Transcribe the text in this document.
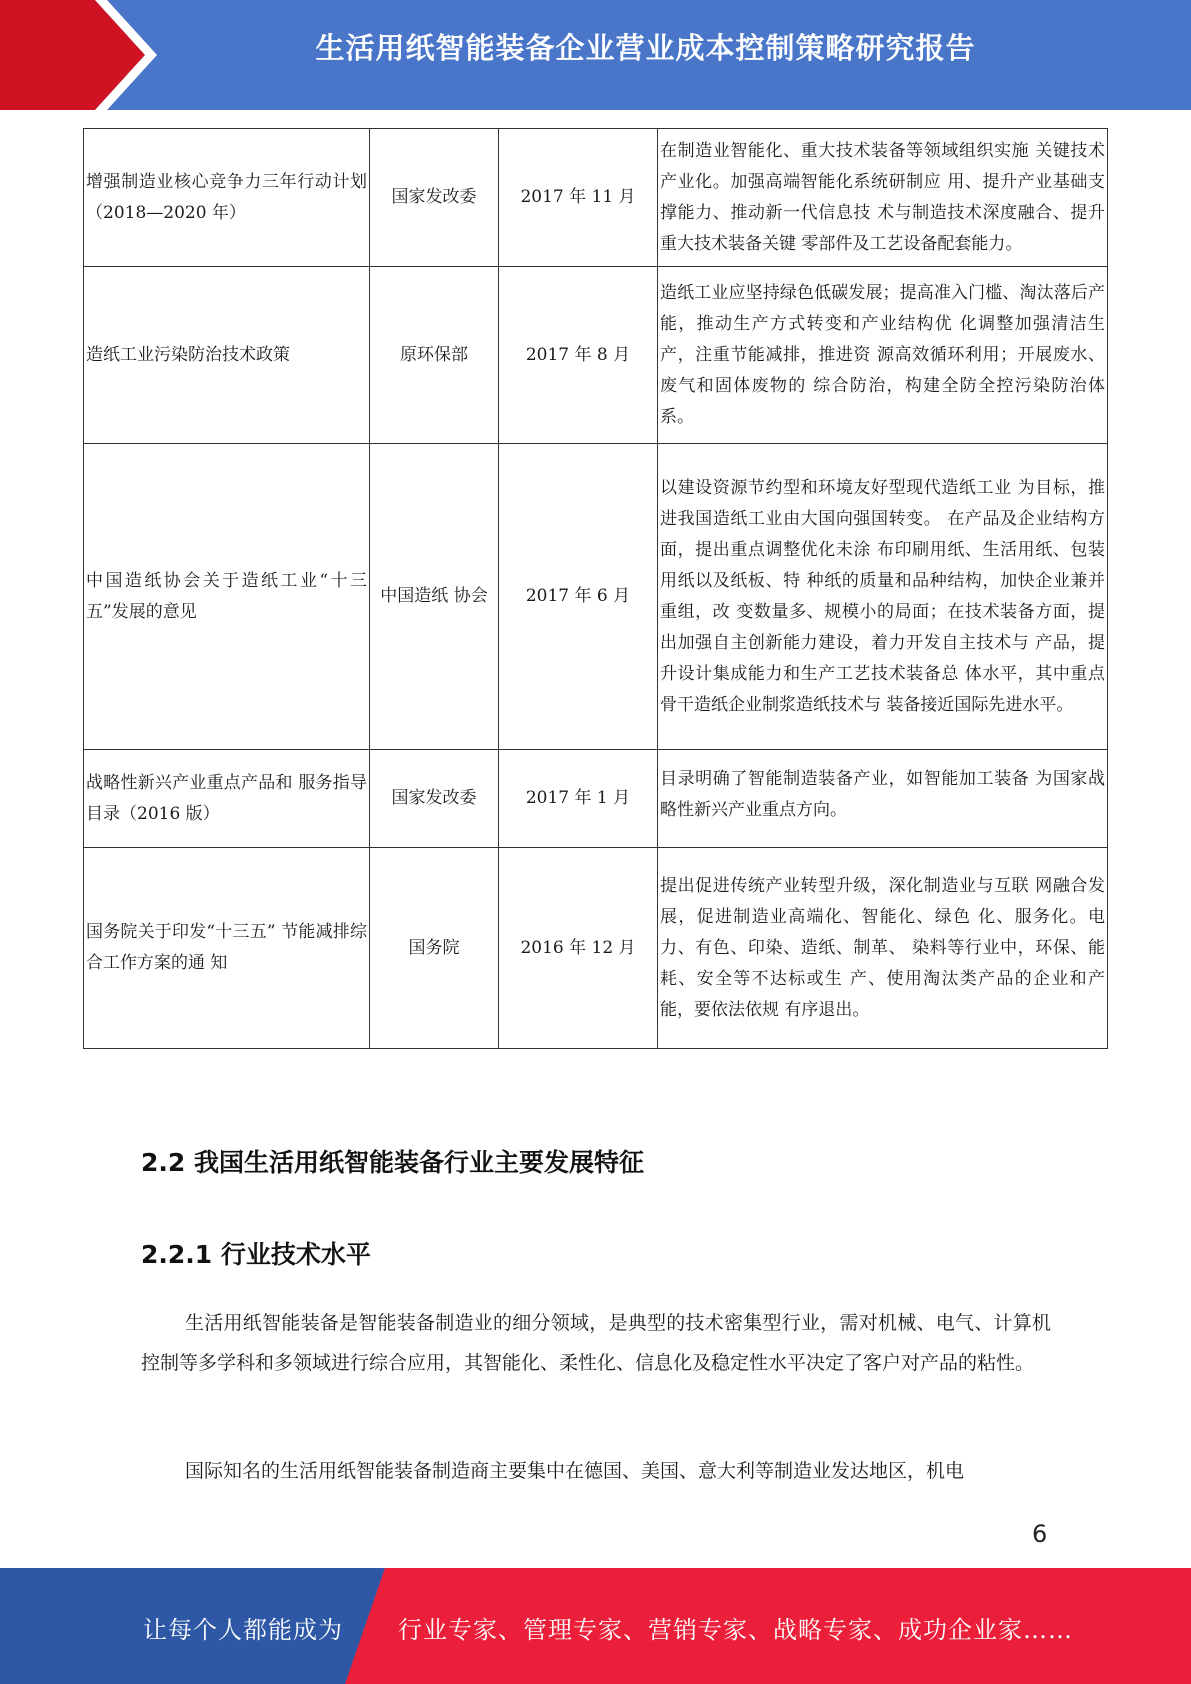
生活用纸智能装备企业营业成本控制策略研究报告
增强制造业核心竞争力三年行动计划（2018—2020 年）	国家发改委	2017 年 11 月	在制造业智能化、重大技术装备等领域组织实施 关键技术产业化。加强高端智能化系统研制应 用、提升产业基础支撑能力、推动新一代信息技 术与制造技术深度融合、提升重大技术装备关键 零部件及工艺设备配套能力。
造纸工业污染防治技术政策	原环保部	2017 年 8 月	造纸工业应坚持绿色低碳发展；提高准入门槛、淘汰落后产能，推动生产方式转变和产业结构优 化调整加强清洁生产，注重节能减排，推进资 源高效循环利用；开展废水、废气和固体废物的 综合防治，构建全防全控污染防治体系。
中国造纸协会关于造纸工业“十三五”发展的意见	中国造纸 协会	2017 年 6 月	以建设资源节约型和环境友好型现代造纸工业 为目标，推进我国造纸工业由大国向强国转变。 在产品及企业结构方面，提出重点调整优化未涂 布印刷用纸、生活用纸、包装用纸以及纸板、特 种纸的质量和品种结构，加快企业兼并重组，改 变数量多、规模小的局面；在技术装备方面，提 出加强自主创新能力建设，着力开发自主技术与 产品，提升设计集成能力和生产工艺技术装备总 体水平，其中重点骨干造纸企业制浆造纸技术与 装备接近国际先进水平。
战略性新兴产业重点产品和 服务指导目录（2016 版）	国家发改委	2017 年 1 月	目录明确了智能制造装备产业，如智能加工装备 为国家战略性新兴产业重点方向。
国务院关于印发“十三五” 节能减排综合工作方案的通 知	国务院	2016 年 12 月	提出促进传统产业转型升级，深化制造业与互联 网融合发展，促进制造业高端化、智能化、绿色 化、服务化。电力、有色、印染、造纸、制革、 染料等行业中，环保、能耗、安全等不达标或生 产、使用淘汰类产品的企业和产能，要依法依规 有序退出。
2.2 我国生活用纸智能装备行业主要发展特征
2.2.1 行业技术水平
生活用纸智能装备是智能装备制造业的细分领域，是典型的技术密集型行业，需对机械、电气、计算机控制等多学科和多领域进行综合应用，其智能化、柔性化、信息化及稳定性水平决定了客户对产品的粘性。
国际知名的生活用纸智能装备制造商主要集中在德国、美国、意大利等制造业发达地区，机电
6
让每个人都能成为 行业专家、管理专家、营销专家、战略专家、成功企业家……
